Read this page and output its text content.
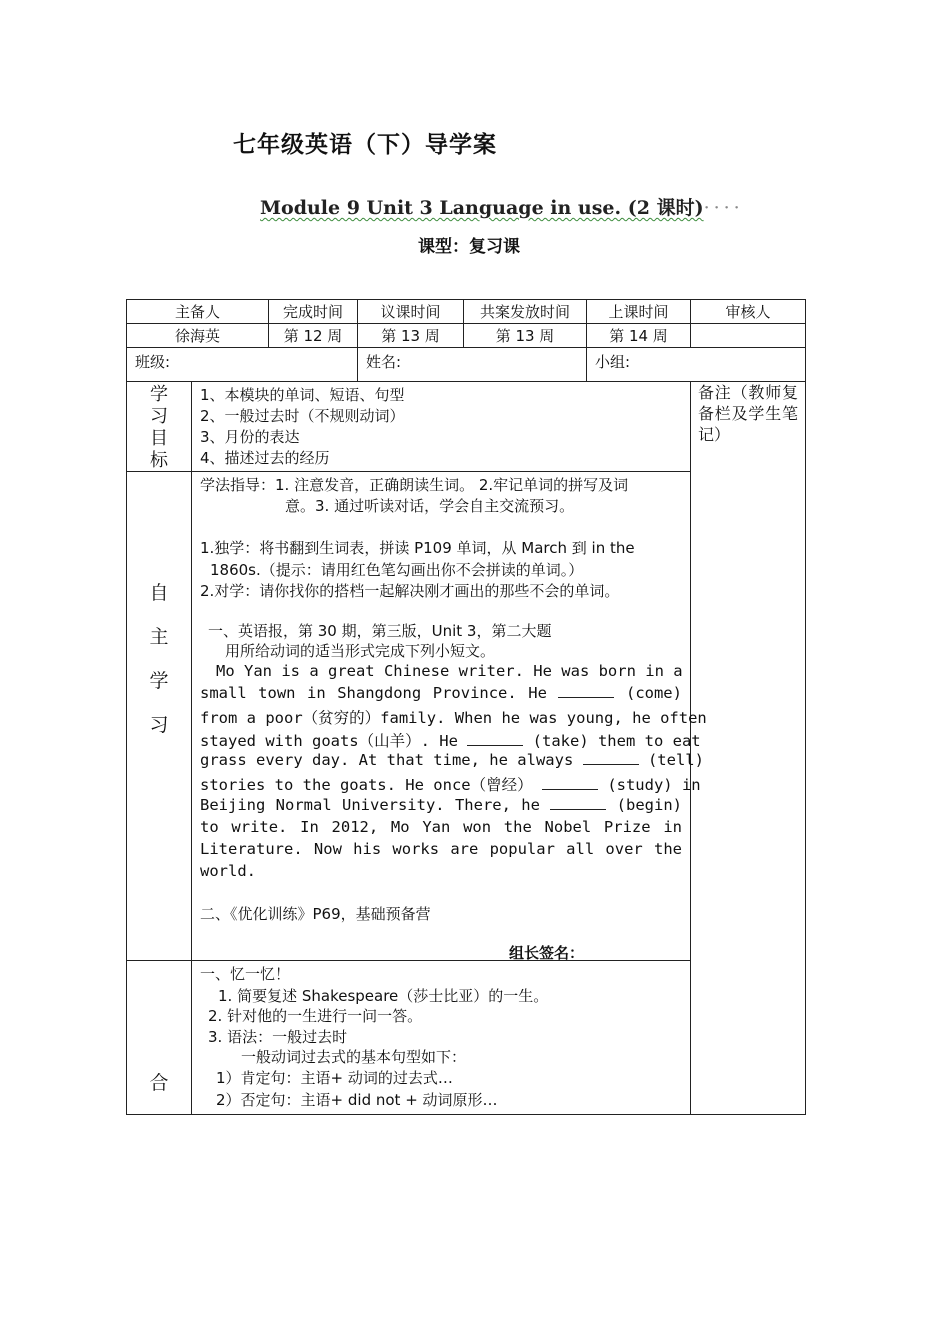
七年级英语（下）导学案
Module 9 Unit 3 Language in use. (2 课时)····
课型：复习课
主备人	完成时间	议课时间	共案发放时间	上课时间	审核人
徐海英	第 12 周	第 13 周	第 13 周	第 14 周
班级:	姓名:	小组:
学
习
目
标
1、本模块的单词、短语、句型
2、一般过去时（不规则动词）
3、月份的表达
4、描述过去的经历
备注（教师复备栏及学生笔记）
自
主
学
习
学法指导：1. 注意发音，正确朗读生词。 2.牢记单词的拼写及词
意。3. 通过听读对话，学会自主交流预习。
1.独学：将书翻到生词表，拼读 P109 单词，从 March 到 in the
1860s.（提示：请用红色笔勾画出你不会拼读的单词。）
2.对学：请你找你的搭档一起解决刚才画出的那些不会的单词。
一、英语报，第 30 期，第三版，Unit 3，第二大题
用所给动词的适当形式完成下列小短文。
Mo Yan is a great Chinese writer. He was born in a
small town in Shangdong Province. He	(come)
from a poor（贫穷的）family. When he was young, he often
stayed with goats（山羊）. He	(take) them to eat
grass every day. At that time, he always	(tell)
stories to the goats. He once（曾经）	(study) in
Beijing Normal University. There, he	(begin)
to write. In 2012, Mo Yan won the Nobel Prize in
Literature. Now his works are popular all over the
world.
二、《优化训练》P69，基础预备营
组长签名：
合
一、忆一忆！
1. 简要复述 Shakespeare（莎士比亚）的一生。
2. 针对他的一生进行一问一答。
3. 语法：一般过去时
一般动词过去式的基本句型如下：
1）肯定句：主语+ 动词的过去式…
2）否定句：主语+ did not + 动词原形…
